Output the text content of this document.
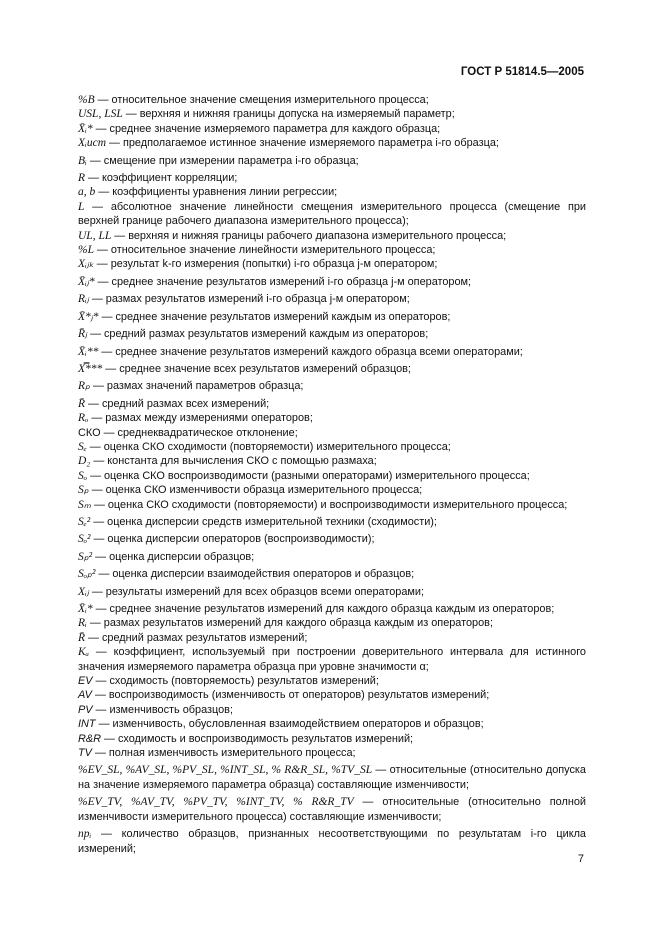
ГОСТ Р 51814.5—2005

%B — относительное значение смещения измерительного процесса;

USL, LSL — верхняя и нижняя границы допуска на измеряемый параметр;

X̄ᵢ* — среднее значение измеряемого параметра для каждого образца;

Xᵢист — предполагаемое истинное значение измеряемого параметра i-го образца;

Bᵢ — смещение при измерении параметра i-го образца;

R — коэффициент корреляции;

a, b — коэффициенты уравнения линии регрессии;

L — абсолютное значение линейности смещения измерительного процесса (смещение при верхней границе рабочего диапазона измерительного процесса);

UL, LL — верхняя и нижняя границы рабочего диапазона измерительного процесса;

%L — относительное значение линейности измерительного процесса;

Xᵢⱼₖ — результат k-го измерения (попытки) i-го образца j-м оператором;

X̄ᵢⱼ* — среднее значение результатов измерений i-го образца j-м оператором;

Rᵢⱼ — размах результатов измерений i-го образца j-м оператором;

X̄*ⱼ* — среднее значение результатов измерений каждым из операторов;

R̄ⱼ — средний размах результатов измерений каждым из операторов;

X̄ᵢ** — среднее значение результатов измерений каждого образца всеми операторами;

X̿*** — среднее значение всех результатов измерений образцов;

Rₚ — размах значений параметров образца;

R̄ — средний размах всех измерений;

Rₒ — размах между измерениями операторов;

СКО — среднеквадратическое отклонение;

Sₑ — оценка СКО сходимости (повторяемости) измерительного процесса;

D₂ — константа для вычисления СКО с помощью размаха;

Sₒ — оценка СКО воспроизводимости (разными операторами) измерительного процесса;

Sₚ — оценка СКО изменчивости образца измерительного процесса;

Sₘ — оценка СКО сходимости (повторяемости) и воспроизводимости измерительного процесса;

Sₑ² — оценка дисперсии средств измерительной техники (сходимости);

Sₒ² — оценка дисперсии операторов (воспроизводимости);

Sₚ² — оценка дисперсии образцов;

Sₒₚ² — оценка дисперсии взаимодействия операторов и образцов;

Xᵢⱼ — результаты измерений для всех образцов всеми операторами;

X̄ᵢ* — среднее значение результатов измерений для каждого образца каждым из операторов;

Rᵢ — размах результатов измерений для каждого образца каждым из операторов;

R̄ — средний размах результатов измерений;

Kₐ — коэффициент, используемый при построении доверительного интервала для истинного значения измеряемого параметра образца при уровне значимости α;

EV — сходимость (повторяемость) результатов измерений;

AV — воспроизводимость (изменчивость от операторов) результатов измерений;

PV — изменчивость образцов;

INT — изменчивость, обусловленная взаимодействием операторов и образцов;

R&R — сходимость и воспроизводимость результатов измерений;

TV — полная изменчивость измерительного процесса;

%EV_SL, %AV_SL, %PV_SL, %INT_SL, % R&R_SL, %TV_SL — относительные (относительно допуска на значение измеряемого параметра образца) составляющие изменчивости;

%EV_TV, %AV_TV, %PV_TV, %INT_TV, % R&R_TV — относительные (относительно полной изменчивости измерительного процесса) составляющие изменчивости;

npᵢ — количество образцов, признанных несоответствующими по результатам i-го цикла измерений;

7
